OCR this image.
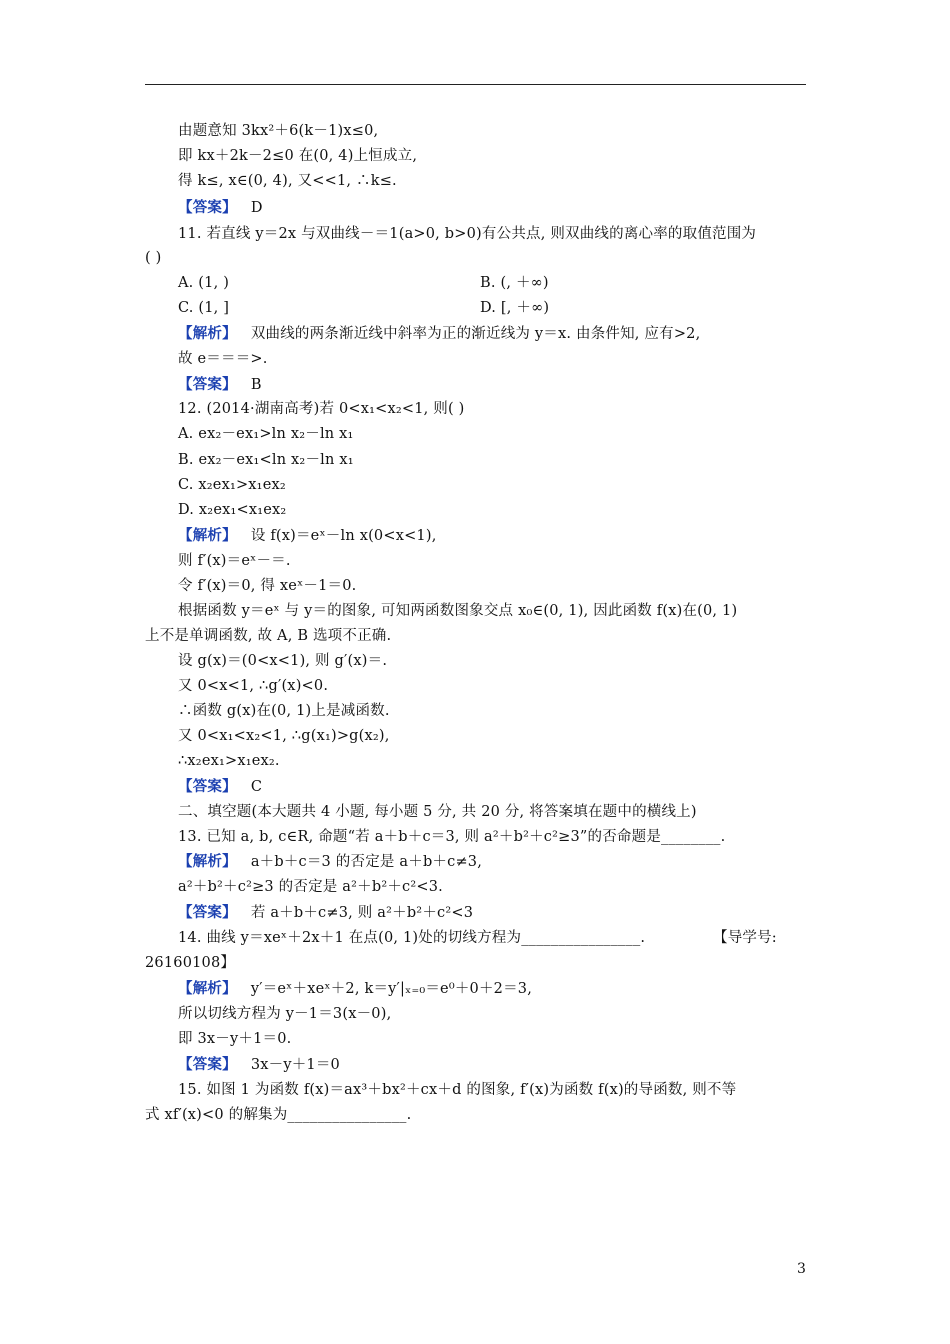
由题意知 3kx²＋6(k－1)x≤0,
即 kx＋2k－2≤0 在(0, 4)上恒成立,
得 k≤, x∈(0, 4), 又<<1, ∴k≤.
【答案】 D
11. 若直线 y＝2x 与双曲线－＝1(a>0, b>0)有公共点, 则双曲线的离心率的取值范围为
( )
A. (1, )	B. (, ＋∞)
C. (1, ]	D. [, ＋∞)
【解析】 双曲线的两条渐近线中斜率为正的渐近线为 y＝x. 由条件知, 应有>2,
故 e＝＝＝>.
【答案】 B
12. (2014·湖南高考)若 0<x₁<x₂<1, 则( )
A. ex₂－ex₁>ln x₂－ln x₁
B. ex₂－ex₁<ln x₂－ln x₁
C. x₂ex₁>x₁ex₂
D. x₂ex₁<x₁ex₂
【解析】 设 f(x)＝eˣ－ln x(0<x<1),
则 f′(x)＝eˣ－＝.
令 f′(x)＝0, 得 xeˣ－1＝0.
根据函数 y＝eˣ 与 y＝的图象, 可知两函数图象交点 x₀∈(0, 1), 因此函数 f(x)在(0, 1)
上不是单调函数, 故 A, B 选项不正确.
设 g(x)＝(0<x<1), 则 g′(x)＝.
又 0<x<1, ∴g′(x)<0.
∴函数 g(x)在(0, 1)上是减函数.
又 0<x₁<x₂<1, ∴g(x₁)>g(x₂),
∴x₂ex₁>x₁ex₂.
【答案】 C
二、填空题(本大题共 4 小题, 每小题 5 分, 共 20 分, 将答案填在题中的横线上)
13. 已知 a, b, c∈R, 命题“若 a＋b＋c＝3, 则 a²＋b²＋c²≥3”的否命题是________.
【解析】 a＋b＋c＝3 的否定是 a＋b＋c≠3,
a²＋b²＋c²≥3 的否定是 a²＋b²＋c²<3.
【答案】 若 a＋b＋c≠3, 则 a²＋b²＋c²<3
14. 曲线 y＝xeˣ＋2x＋1 在点(0, 1)处的切线方程为________________.	【导学号:
26160108】
【解析】 y′＝eˣ＋xeˣ＋2, k＝y′|ₓ₌₀＝e⁰＋0＋2＝3,
所以切线方程为 y－1＝3(x－0),
即 3x－y＋1＝0.
【答案】 3x－y＋1＝0
15. 如图 1 为函数 f(x)＝ax³＋bx²＋cx＋d 的图象, f′(x)为函数 f(x)的导函数, 则不等
式 xf′(x)<0 的解集为________________.
3
